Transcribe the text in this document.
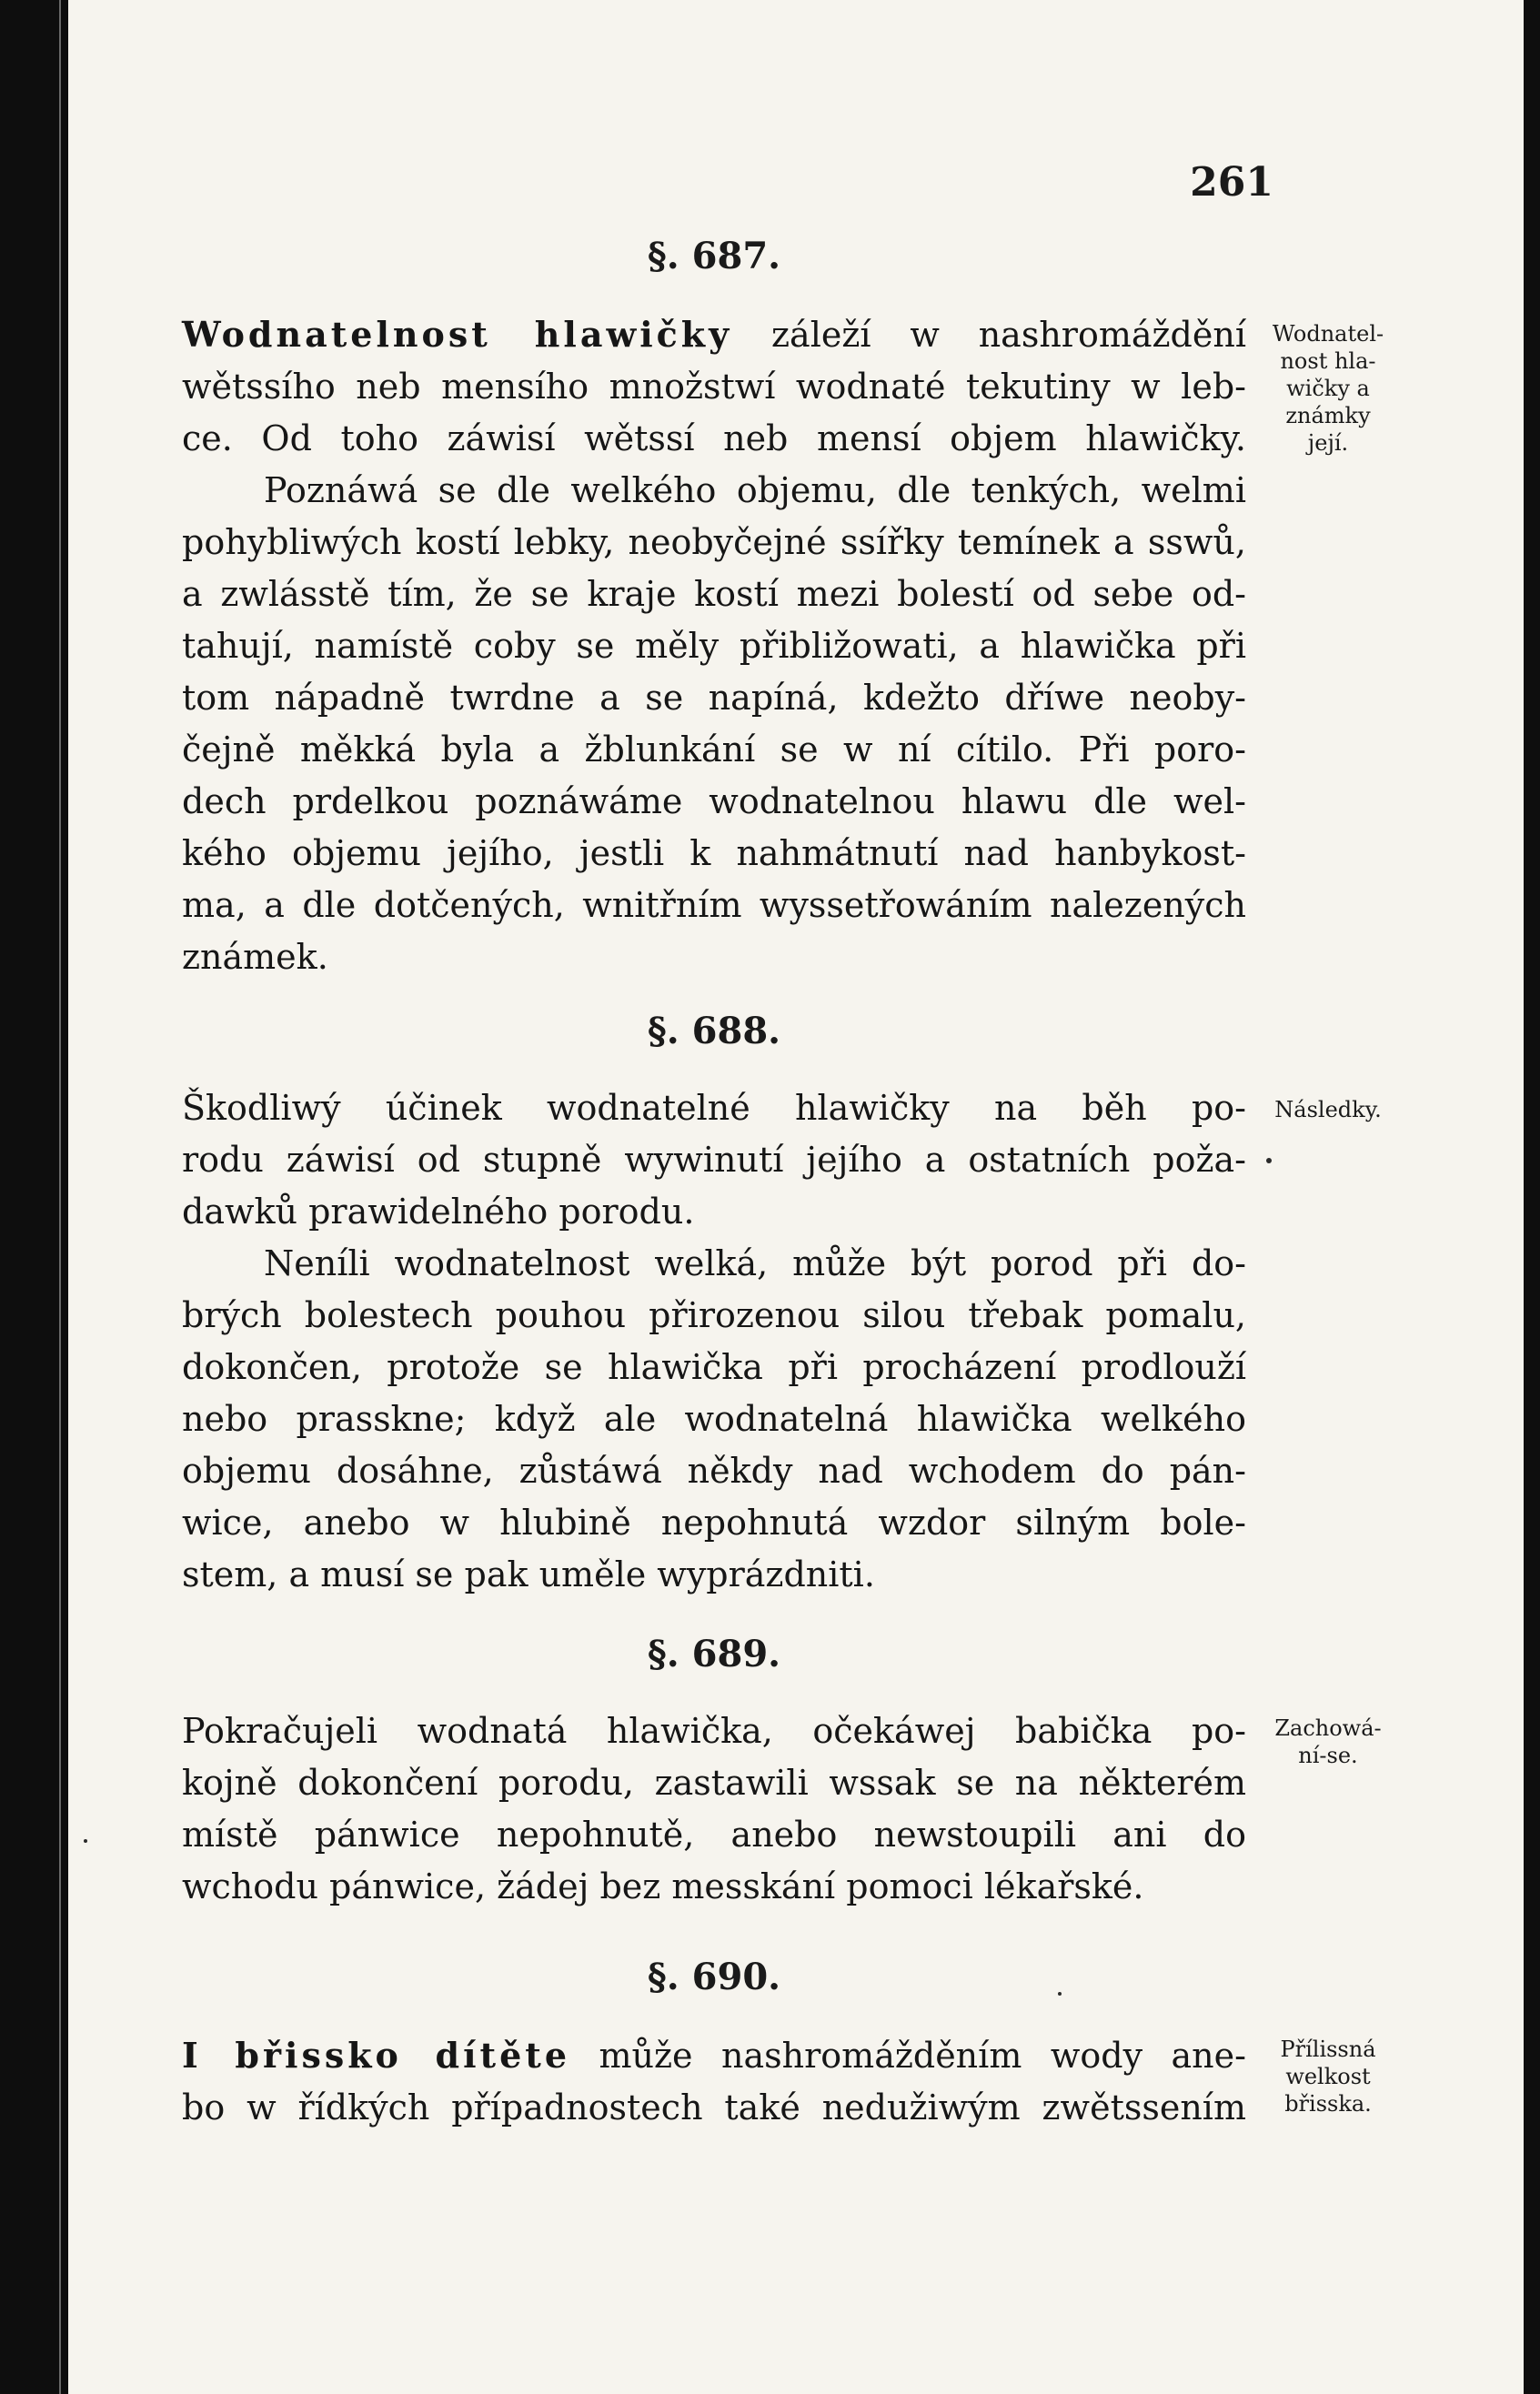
261
§. 687.
Wodnatelnost hlawičky záleží w nashromáždění
wětssího neb mensího množstwí wodnaté tekutiny w leb-
ce. Od toho záwisí wětssí neb mensí objem hlawičky.
Poznáwá se dle welkého objemu, dle tenkých, welmi
pohybliwých kostí lebky, neobyčejné ssířky temínek a sswů,
a zwlásstě tím, že se kraje kostí mezi bolestí od sebe od-
tahují, namístě coby se měly přibližowati, a hlawička při
tom nápadně twrdne a se napíná, kdežto dříwe neoby-
čejně měkká byla a žblunkání se w ní cítilo. Při poro-
dech prdelkou poznáwáme wodnatelnou hlawu dle wel-
kého objemu jejího, jestli k nahmátnutí nad hanbykost-
ma, a dle dotčených, wnitřním wyssetřowáním nalezených
známek.
Wodnatel-
nost hla-
wičky a
známky její.
§. 688.
Škodliwý účinek wodnatelné hlawičky na běh po-
rodu záwisí od stupně wywinutí jejího a ostatních poža-
dawků prawidelného porodu.
Neníli wodnatelnost welká, může být porod při do-
brých bolestech pouhou přirozenou silou třebak pomalu,
dokončen, protože se hlawička při procházení prodlouží
nebo prasskne; když ale wodnatelná hlawička welkého
objemu dosáhne, zůstáwá někdy nad wchodem do pán-
wice, anebo w hlubině nepohnutá wzdor silným bole-
stem, a musí se pak uměle wyprázdniti.
Následky.
§. 689.
Pokračujeli wodnatá hlawička, očekáwej babička po-
kojně dokončení porodu, zastawili wssak se na některém
místě pánwice nepohnutě, anebo newstoupili ani do
wchodu pánwice, žádej bez messkání pomoci lékařské.
Zachowá-
ní-se.
§. 690.
I břissko dítěte může nashromážděním wody ane-
bo w řídkých případnostech také nedužiwým zwětssením
Přílissná
welkost
břisska.
